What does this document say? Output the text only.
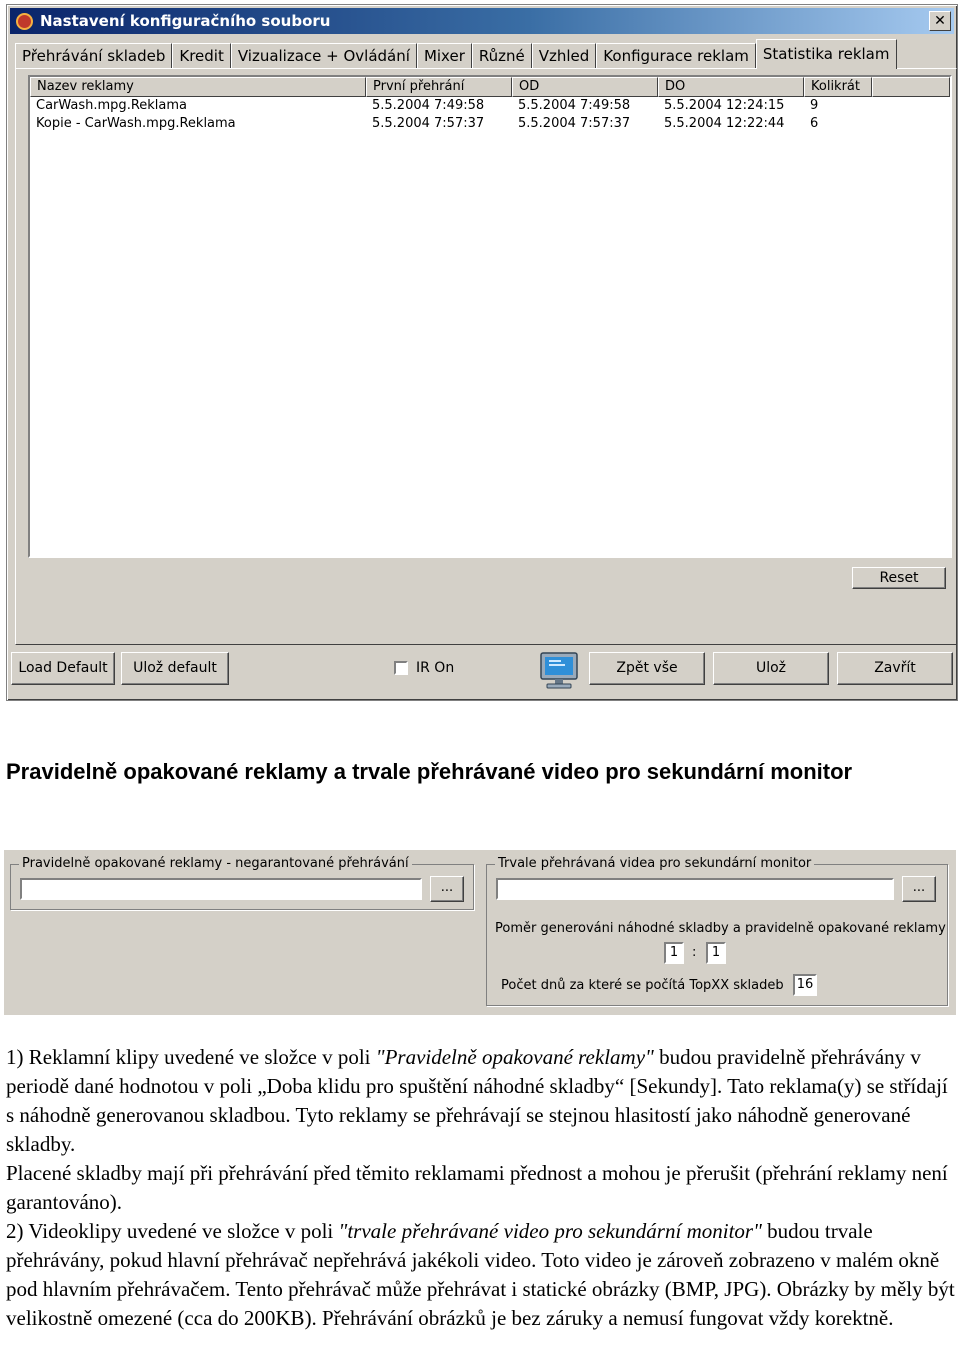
Nastavení konfiguračního souboru	✕
Přehrávání skladeb Kredit Vizualizace + Ovládání Mixer Různé Vzhled Konfigurace reklam Statistika reklam
Nazev reklamy	První přehrání	OD	DO	Kolikrát
CarWash.mpg.Reklama	5.5.2004 7:49:58	5.5.2004 7:49:58	5.5.2004 12:24:15	9
Kopie - CarWash.mpg.Reklama	5.5.2004 7:57:37	5.5.2004 7:57:37	5.5.2004 12:22:44	6
Reset
Load Default	Ulož default	IR On	Zpět vše	Ulož	Zavřít
Pravidelně opakované reklamy a trvale přehrávané video pro sekundární monitor
Pravidelně opakované reklamy - negarantované přehrávání
...
Trvale přehrávaná videa pro sekundární monitor
...
Poměr generováni náhodné skladby a pravidelně opakované reklamy
1	:	1
Počet dnů za které se počítá TopXX skladeb 16

1) Reklamní klipy uvedené ve složce v poli "Pravidelně opakované reklamy" budou pravidelně přehrávány v periodě dané hodnotou v poli „Doba klidu pro spuštění náhodné skladby“ [Sekundy]. Tato reklama(y) se střídají s náhodně generovanou skladbou. Tyto reklamy se přehrávají se stejnou hlasitostí jako náhodně generované skladby.

Placené skladby mají při přehrávání před těmito reklamami přednost a mohou je přerušit (přehrání reklamy není garantováno).

2) Videoklipy uvedené ve složce v poli "trvale přehrávané video pro sekundární monitor" budou trvale přehrávány, pokud hlavní přehrávač nepřehrává jakékoli video. Toto video je zároveň zobrazeno v malém okně pod hlavním přehrávačem. Tento přehrávač může přehrávat i statické obrázky (BMP, JPG). Obrázky by měly být velikostně omezené (cca do 200KB). Přehrávání obrázků je bez záruky a nemusí fungovat vždy korektně.
